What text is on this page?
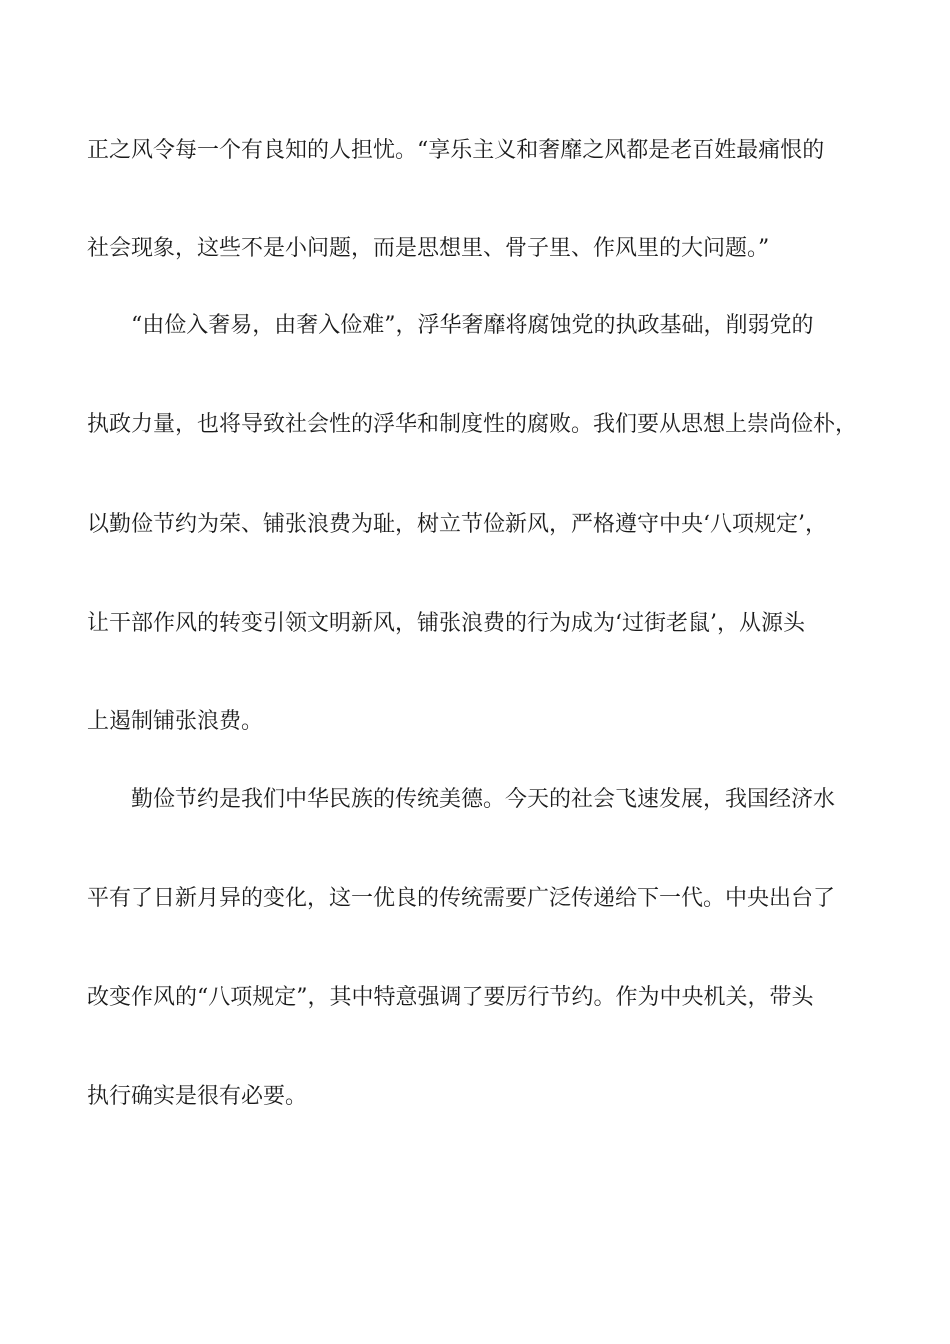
正之风令每一个有良知的人担忧。“享乐主义和奢靡之风都是老百姓最痛恨的
社会现象，这些不是小问题，而是思想里、骨子里、作风里的大问题。”
“由俭入奢易，由奢入俭难”，浮华奢靡将腐蚀党的执政基础，削弱党的
执政力量，也将导致社会性的浮华和制度性的腐败。我们要从思想上崇尚俭朴，
以勤俭节约为荣、铺张浪费为耻，树立节俭新风，严格遵守中央‘八项规定’，
让干部作风的转变引领文明新风，铺张浪费的行为成为‘过街老鼠’，从源头
上遏制铺张浪费。
勤俭节约是我们中华民族的传统美德。今天的社会飞速发展，我国经济水
平有了日新月异的变化，这一优良的传统需要广泛传递给下一代。中央出台了
改变作风的“八项规定”，其中特意强调了要厉行节约。作为中央机关，带头
执行确实是很有必要。
